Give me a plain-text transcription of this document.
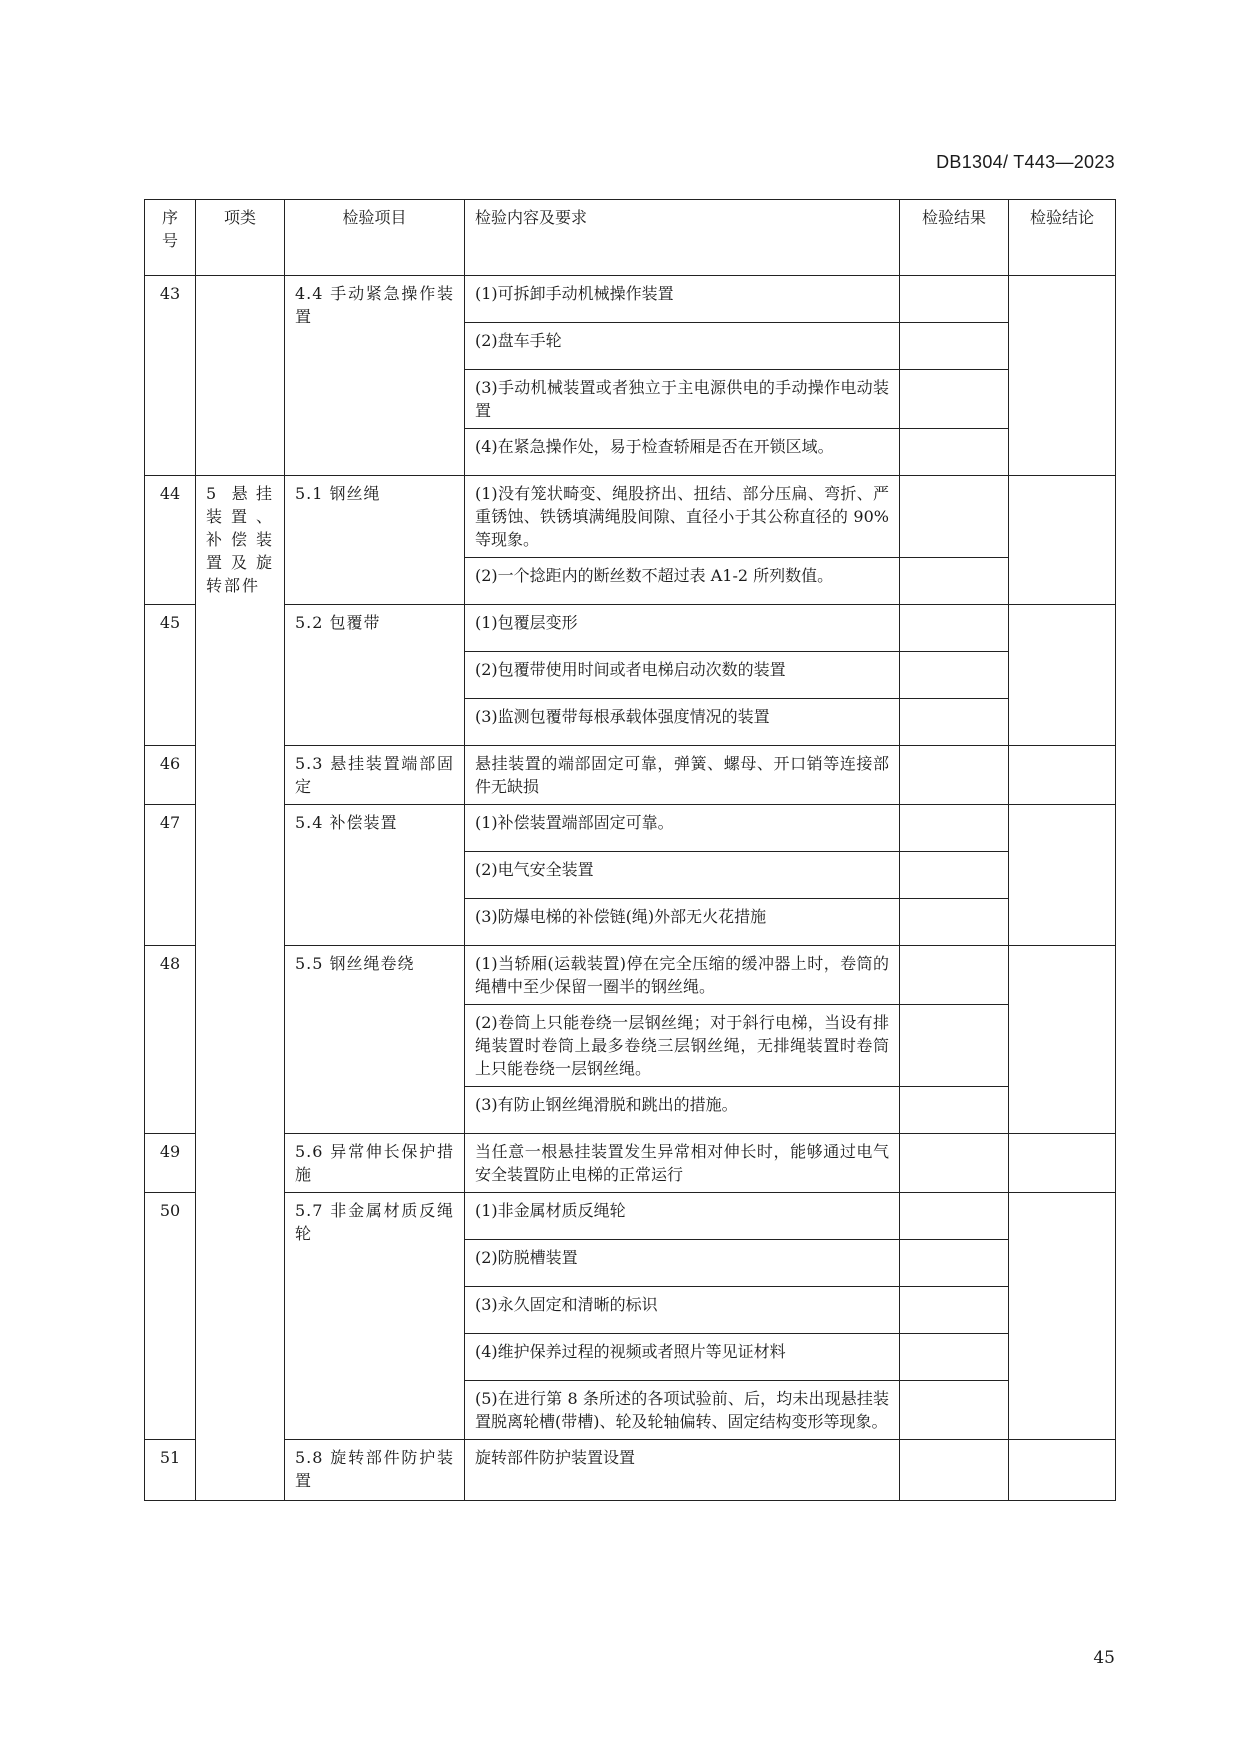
DB1304/ T443—2023
序号	项类	检验项目	检验内容及要求	检验结果	检验结论
43		4.4 手动紧急操作装置	(1)可拆卸手动机械操作装置		
			(2)盘车手轮		
			(3)手动机械装置或者独立于主电源供电的手动操作电动装置		
			(4)在紧急操作处，易于检查轿厢是否在开锁区域。		
44	5 悬挂装置、补偿装置及旋转部件	5.1 钢丝绳	(1)没有笼状畸变、绳股挤出、扭结、部分压扁、弯折、严重锈蚀、铁锈填满绳股间隙、直径小于其公称直径的 90%等现象。		
			(2)一个捻距内的断丝数不超过表 A1-2 所列数值。		
45		5.2 包覆带	(1)包覆层变形		
			(2)包覆带使用时间或者电梯启动次数的装置		
			(3)监测包覆带每根承载体强度情况的装置		
46		5.3 悬挂装置端部固定	悬挂装置的端部固定可靠，弹簧、螺母、开口销等连接部件无缺损		
47		5.4 补偿装置	(1)补偿装置端部固定可靠。		
			(2)电气安全装置		
			(3)防爆电梯的补偿链(绳)外部无火花措施		
48		5.5 钢丝绳卷绕	(1)当轿厢(运载装置)停在完全压缩的缓冲器上时，卷筒的绳槽中至少保留一圈半的钢丝绳。		
			(2)卷筒上只能卷绕一层钢丝绳；对于斜行电梯，当设有排绳装置时卷筒上最多卷绕三层钢丝绳，无排绳装置时卷筒上只能卷绕一层钢丝绳。		
			(3)有防止钢丝绳滑脱和跳出的措施。		
49		5.6 异常伸长保护措施	当任意一根悬挂装置发生异常相对伸长时，能够通过电气安全装置防止电梯的正常运行		
50		5.7 非金属材质反绳轮	(1)非金属材质反绳轮		
			(2)防脱槽装置		
			(3)永久固定和清晰的标识		
			(4)维护保养过程的视频或者照片等见证材料		
			(5)在进行第 8 条所述的各项试验前、后，均未出现悬挂装置脱离轮槽(带槽)、轮及轮轴偏转、固定结构变形等现象。		
51		5.8 旋转部件防护装置	旋转部件防护装置设置		
45
